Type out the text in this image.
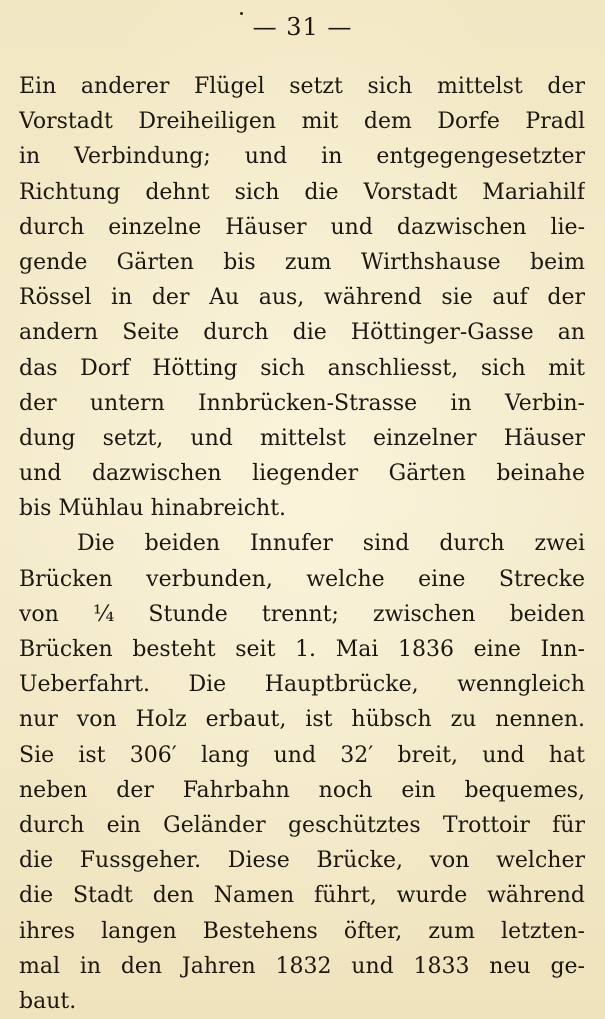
— 31 —
Ein anderer Flügel setzt sich mittelst der
Vorstadt Dreiheiligen mit dem Dorfe Pradl
in Verbindung; und in entgegengesetzter
Richtung dehnt sich die Vorstadt Mariahilf
durch einzelne Häuser und dazwischen lie-
gende Gärten bis zum Wirthshause beim
Rössel in der Au aus, während sie auf der
andern Seite durch die Höttinger-Gasse an
das Dorf Hötting sich anschliesst, sich mit
der untern Innbrücken-Strasse in Verbin-
dung setzt, und mittelst einzelner Häuser
und dazwischen liegender Gärten beinahe
bis Mühlau hinabreicht.
Die beiden Innufer sind durch zwei
Brücken verbunden, welche eine Strecke
von ¼ Stunde trennt; zwischen beiden
Brücken besteht seit 1. Mai 1836 eine Inn-
Ueberfahrt. Die Hauptbrücke, wenngleich
nur von Holz erbaut, ist hübsch zu nennen.
Sie ist 306′ lang und 32′ breit, und hat
neben der Fahrbahn noch ein bequemes,
durch ein Geländer geschütztes Trottoir für
die Fussgeher. Diese Brücke, von welcher
die Stadt den Namen führt, wurde während
ihres langen Bestehens öfter, zum letzten-
mal in den Jahren 1832 und 1833 neu ge-
baut.
